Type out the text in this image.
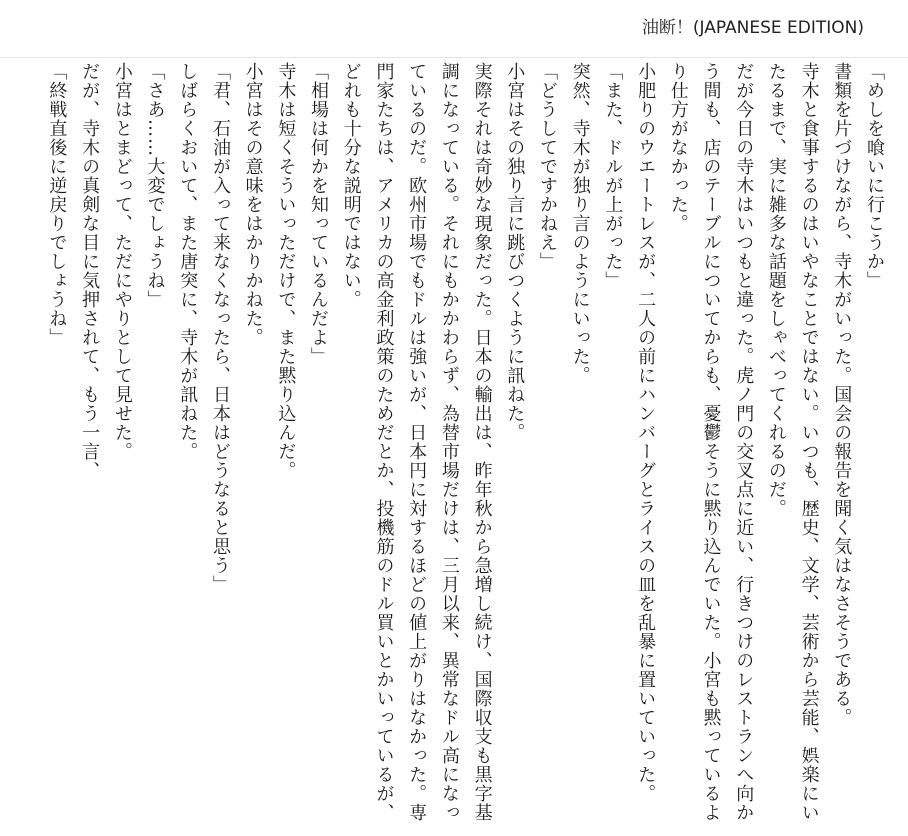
油断！(JAPANESE EDITION)

「めしを喰いに行こうか」

書類を片づけながら、寺木がいった。国会の報告を聞く気はなさそうである。

寺木と食事するのはいやなことではない。いつも、歴史、文学、芸術から芸能、娯楽にいたるまで、実に雑多な話題をしゃべってくれるのだ。

だが今日の寺木はいつもと違った。虎ノ門の交叉点に近い、行きつけのレストランへ向かう間も、店のテーブルについてからも、憂鬱そうに黙り込んでいた。小宮も黙っているより仕方がなかった。

小肥りのウエートレスが、二人の前にハンバーグとライスの皿を乱暴に置いていった。

「また、ドルが上がった」

突然、寺木が独り言のようにいった。

「どうしてですかねえ」

小宮はその独り言に跳びつくように訊ねた。

実際それは奇妙な現象だった。日本の輸出は、昨年秋から急増し続け、国際収支も黒字基調になっている。それにもかかわらず、為替市場だけは、三月以来、異常なドル高になっているのだ。欧州市場でもドルは強いが、日本円に対するほどの値上がりはなかった。専門家たちは、アメリカの高金利政策のためだとか、投機筋のドル買いとかいっているが、どれも十分な説明ではない。

「相場は何かを知っているんだよ」

寺木は短くそういっただけで、また黙り込んだ。

小宮はその意味をはかりかねた。

「君、石油が入って来なくなったら、日本はどうなると思う」

しばらくおいて、また唐突に、寺木が訊ねた。

「さあ……大変でしょうね」

小宮はとまどって、ただにやりとして見せた。

だが、寺木の真剣な目に気押されて、もう一言、

「終戦直後に逆戻りでしょうね」
